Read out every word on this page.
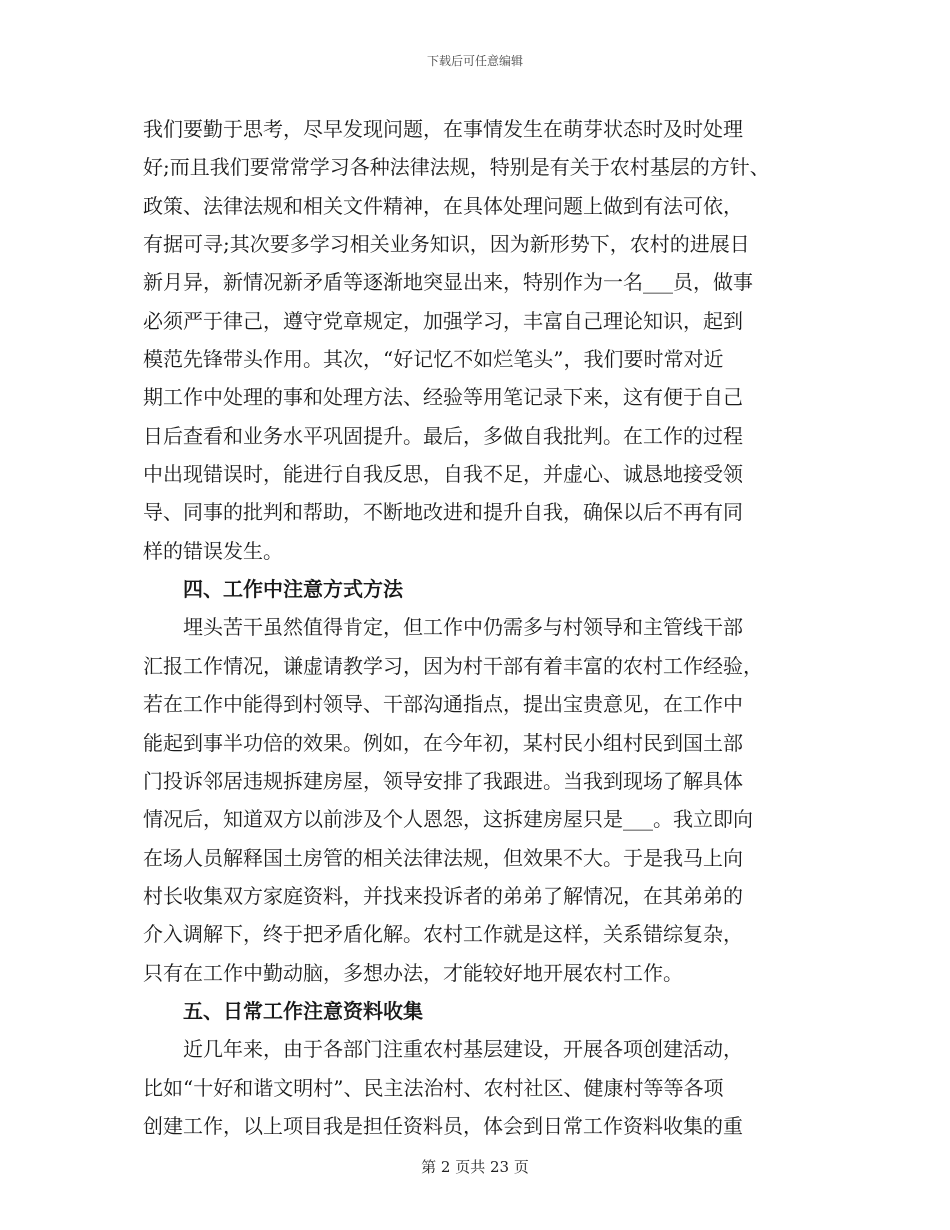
下载后可任意编辑
我们要勤于思考，尽早发现问题，在事情发生在萌芽状态时及时处理
好;而且我们要常常学习各种法律法规，特别是有关于农村基层的方针、
政策、法律法规和相关文件精神，在具体处理问题上做到有法可依，
有据可寻;其次要多学习相关业务知识，因为新形势下，农村的进展日
新月异，新情况新矛盾等逐渐地突显出来，特别作为一名___员，做事
必须严于律己，遵守党章规定，加强学习，丰富自己理论知识，起到
模范先锋带头作用。其次，“好记忆不如烂笔头”，我们要时常对近
期工作中处理的事和处理方法、经验等用笔记录下来，这有便于自己
日后查看和业务水平巩固提升。最后，多做自我批判。在工作的过程
中出现错误时，能进行自我反思，自我不足，并虚心、诚恳地接受领
导、同事的批判和帮助，不断地改进和提升自我，确保以后不再有同
样的错误发生。
四、工作中注意方式方法
埋头苦干虽然值得肯定，但工作中仍需多与村领导和主管线干部
汇报工作情况，谦虚请教学习，因为村干部有着丰富的农村工作经验，
若在工作中能得到村领导、干部沟通指点，提出宝贵意见，在工作中
能起到事半功倍的效果。例如，在今年初，某村民小组村民到国土部
门投诉邻居违规拆建房屋，领导安排了我跟进。当我到现场了解具体
情况后，知道双方以前涉及个人恩怨，这拆建房屋只是___。我立即向
在场人员解释国土房管的相关法律法规，但效果不大。于是我马上向
村长收集双方家庭资料，并找来投诉者的弟弟了解情况，在其弟弟的
介入调解下，终于把矛盾化解。农村工作就是这样，关系错综复杂，
只有在工作中勤动脑，多想办法，才能较好地开展农村工作。
五、日常工作注意资料收集
近几年来，由于各部门注重农村基层建设，开展各项创建活动，
比如“十好和谐文明村”、民主法治村、农村社区、健康村等等各项
创建工作，以上项目我是担任资料员，体会到日常工作资料收集的重
第 2 页共 23 页
